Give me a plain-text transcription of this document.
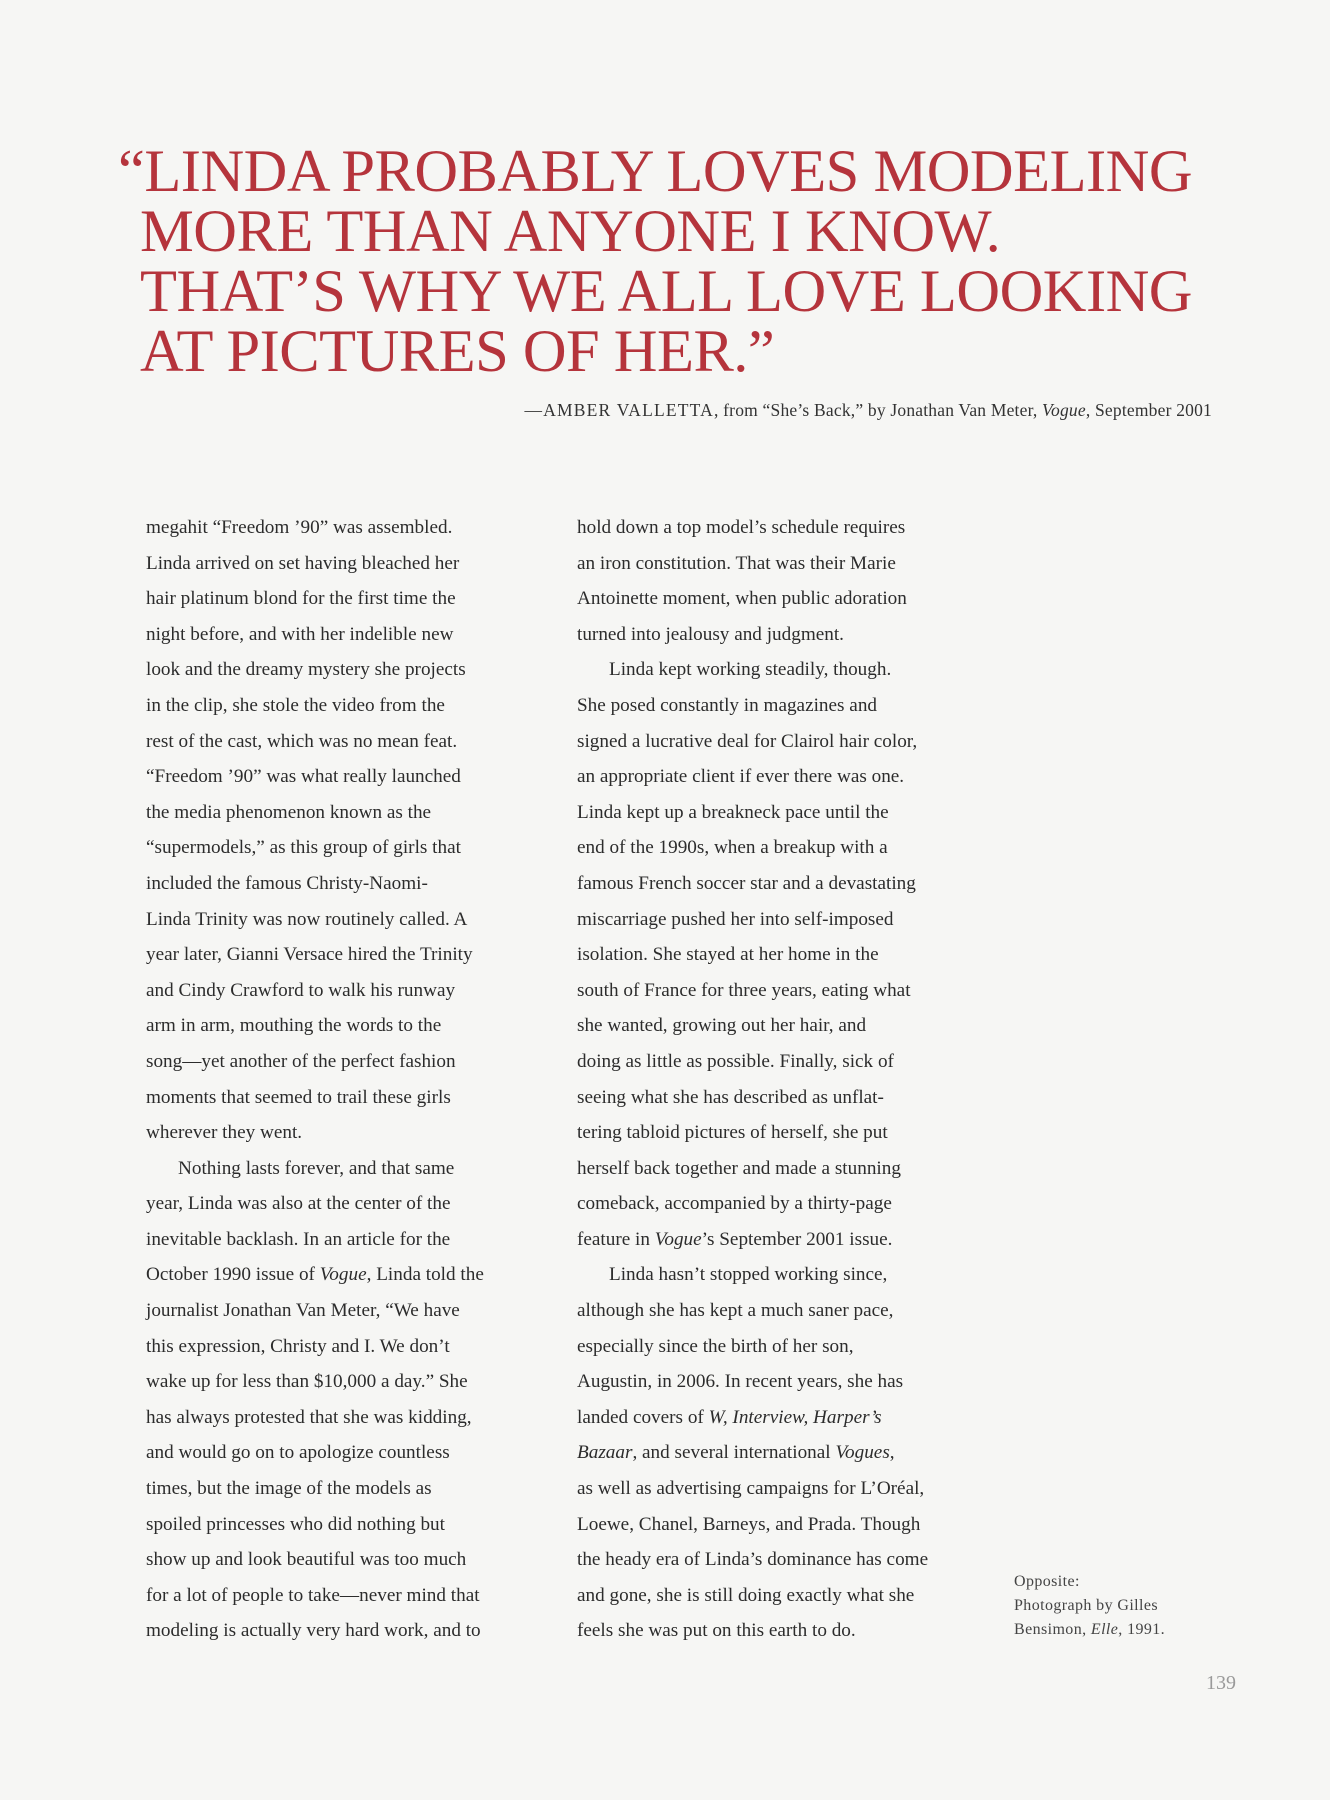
“LINDA PROBABLY LOVES MODELING
MORE THAN ANYONE I KNOW.
THAT’S WHY WE ALL LOVE LOOKING
AT PICTURES OF HER.”
—AMBER VALLETTA, from “She’s Back,” by Jonathan Van Meter, Vogue, September 2001

megahit “Freedom ’90” was assembled.
Linda arrived on set having bleached her
hair platinum blond for the first time the
night before, and with her indelible new
look and the dreamy mystery she projects
in the clip, she stole the video from the
rest of the cast, which was no mean feat.
“Freedom ’90” was what really launched
the media phenomenon known as the
“supermodels,” as this group of girls that
included the famous Christy-Naomi-
Linda Trinity was now routinely called. A
year later, Gianni Versace hired the Trinity
and Cindy Crawford to walk his runway
arm in arm, mouthing the words to the
song—yet another of the perfect fashion
moments that seemed to trail these girls
wherever they went.

Nothing lasts forever, and that same
year, Linda was also at the center of the
inevitable backlash. In an article for the
October 1990 issue of Vogue, Linda told the
journalist Jonathan Van Meter, “We have
this expression, Christy and I. We don’t
wake up for less than $10,000 a day.” She
has always protested that she was kidding,
and would go on to apologize countless
times, but the image of the models as
spoiled princesses who did nothing but
show up and look beautiful was too much
for a lot of people to take—never mind that
modeling is actually very hard work, and to

hold down a top model’s schedule requires
an iron constitution. That was their Marie
Antoinette moment, when public adoration
turned into jealousy and judgment.

Linda kept working steadily, though.
She posed constantly in magazines and
signed a lucrative deal for Clairol hair color,
an appropriate client if ever there was one.
Linda kept up a breakneck pace until the
end of the 1990s, when a breakup with a
famous French soccer star and a devastating
miscarriage pushed her into self-imposed
isolation. She stayed at her home in the
south of France for three years, eating what
she wanted, growing out her hair, and
doing as little as possible. Finally, sick of
seeing what she has described as unflat-
tering tabloid pictures of herself, she put
herself back together and made a stunning
comeback, accompanied by a thirty-page
feature in Vogue’s September 2001 issue.

Linda hasn’t stopped working since,
although she has kept a much saner pace,
especially since the birth of her son,
Augustin, in 2006. In recent years, she has
landed covers of W, Interview, Harper’s
Bazaar, and several international Vogues,
as well as advertising campaigns for L’Oréal,
Loewe, Chanel, Barneys, and Prada. Though
the heady era of Linda’s dominance has come
and gone, she is still doing exactly what she
feels she was put on this earth to do.

Opposite:
Photograph by Gilles
Bensimon, Elle, 1991.
139
